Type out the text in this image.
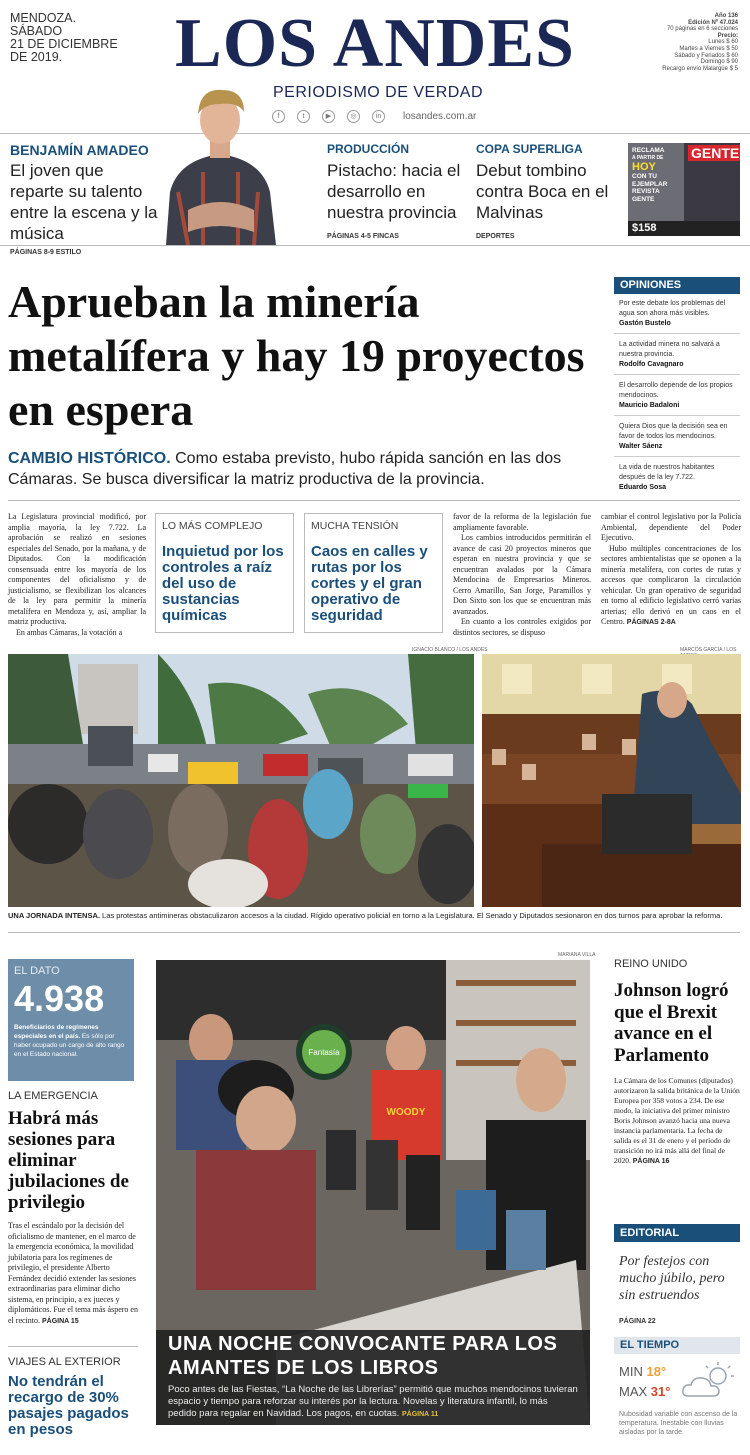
MENDOZA.
SÁBADO
21 DE DICIEMBRE
DE 2019.	LOS ANDES
PERIODISMO DE VERDAD
f	t	▶	◎	in	losandes.com.ar
Año 136
Edición Nº 47.024
70 páginas en 6 secciones
Precio:
Lunes $ 60
Martes a Viernes $ 50
Sábado y Feriados $ 60
Domingo $ 90
Recargo envío Malargüe $ 5
BENJAMÍN AMADEO
El joven que reparte su talento entre la escena y la música
PÁGINAS 8-9 ESTILO
PRODUCCIÓN
Pistacho: hacia el desarrollo en nuestra provincia
PÁGINAS 4-5 FINCAS
COPA SUPERLIGA
Debut tombino contra Boca en el Malvinas
DEPORTES
GENTE
RECLAMA
A PARTIR DE
HOY
CON TU
EJEMPLAR
REVISTA
GENTE
$158
Aprueban la minería metalífera y hay 19 proyectos en espera
CAMBIO HISTÓRICO. Como estaba previsto, hubo rápida sanción en las dos Cámaras. Se busca diversificar la matriz productiva de la provincia.
OPINIONES
Por este debate los problemas del agua son ahora más visibles.
Gastón Bustelo
La actividad minera no salvará a nuestra provincia.
Rodolfo Cavagnaro
El desarrollo depende de los propios mendocinos.
Mauricio Badaloni
Quiera Dios que la decisión sea en favor de todos los mendocinos.
Walter Sáenz
La vida de nuestros habitantes después de la ley 7.722.
Eduardo Sosa
La Legislatura provincial modificó, por amplia mayoría, la ley 7.722. La aprobación se realizó en sesiones especiales del Senado, por la mañana, y de Diputados. Con la modificación consensuada entre los mayoría de los componentes del oficialismo y de justicialismo, se flexibilizan los alcances de la ley para permitir la minería metalífera en Mendoza y, así, ampliar la matriz productiva.
En ambas Cámaras, la votación a
LO MÁS COMPLEJO
Inquietud por los controles a raíz del uso de sustancias químicas
MUCHA TENSIÓN
Caos en calles y rutas por los cortes y el gran operativo de seguridad
favor de la reforma de la legislación fue ampliamente favorable.
Los cambios introducidos permitirán el avance de casi 20 proyectos mineros que esperan en nuestra provincia y que se encuentran avalados por la Cámara Mendocina de Empresarios Mineros. Cerro Amarillo, San Jorge, Paramillos y Don Sixto son los que se encuentran más avanzados.
En cuanto a los controles exigidos por distintos sectores, se dispuso
cambiar el control legislativo por la Policía Ambiental, dependiente del Poder Ejecutivo.
Hubo múltiples concentraciones de los sectores ambientalistas que se oponen a la minería metalífera, con cortes de rutas y accesos que complicaron la circulación vehicular. Un gran operativo de seguridad en torno al edificio legislativo cerró varias arterias; ello derivó en un caos en el Centro. PÁGINAS 2-8A
IGNACIO BLANCO / LOS ANDES	MARCOS GARCÍA / LOS
UNA JORNADA INTENSA. Las protestas antimineras obstaculizaron accesos a la ciudad. Rígido operativo policial en torno a la Legislatura. El Senado y Diputados sesionaron en dos turnos para aprobar la reforma.
EL DATO
4.938
Beneficiarios de regímenes especiales en el país. Es sólo por haber ocupado un cargo de alto rango en el Estado nacional.
LA EMERGENCIA
Habrá más sesiones para eliminar jubilaciones de privilegio
Tras el escándalo por la decisión del oficialismo de mantener, en el marco de la emergencia económica, la movilidad jubilatoria para los regímenes de privilegio, el presidente Alberto Fernández decidió extender las sesiones extraordinarias para eliminar dicho sistema, en principio, a ex jueces y diplomáticos. Fue el tema más áspero en el recinto. PÁGINA 15
VIAJES AL EXTERIOR
No tendrán el recargo de 30% pasajes pagados en pesos
MARIANA VILLA
Fantasía
WOODY
UNA NOCHE CONVOCANTE PARA LOS AMANTES DE LOS LIBROS
Poco antes de las Fiestas, “La Noche de las Librerías” permitió que muchos mendocinos tuvieran espacio y tiempo para reforzar su interés por la lectura. Novelas y literatura infantil, lo más pedido para regalar en Navidad. Los pagos, en cuotas. PÁGINA 11
REINO UNIDO
Johnson logró que el Brexit avance en el Parlamento
La Cámara de los Comunes (diputados) autorizaron la salida británica de la Unión Europea por 358 votos a 234. De ese modo, la iniciativa del primer ministro Boris Johnson avanzó hacia una nueva instancia parlamentaria. La fecha de salida es el 31 de enero y el período de transición no irá más allá del final de 2020. PÁGINA 16
EDITORIAL
Por festejos con mucho júbilo, pero sin estruendos
PÁGINA 22
EL TIEMPO
MIN 18°
MAX 31°
Nubosidad variable con ascenso de la temperatura. Inestable con lluvias aisladas por la tarde.
